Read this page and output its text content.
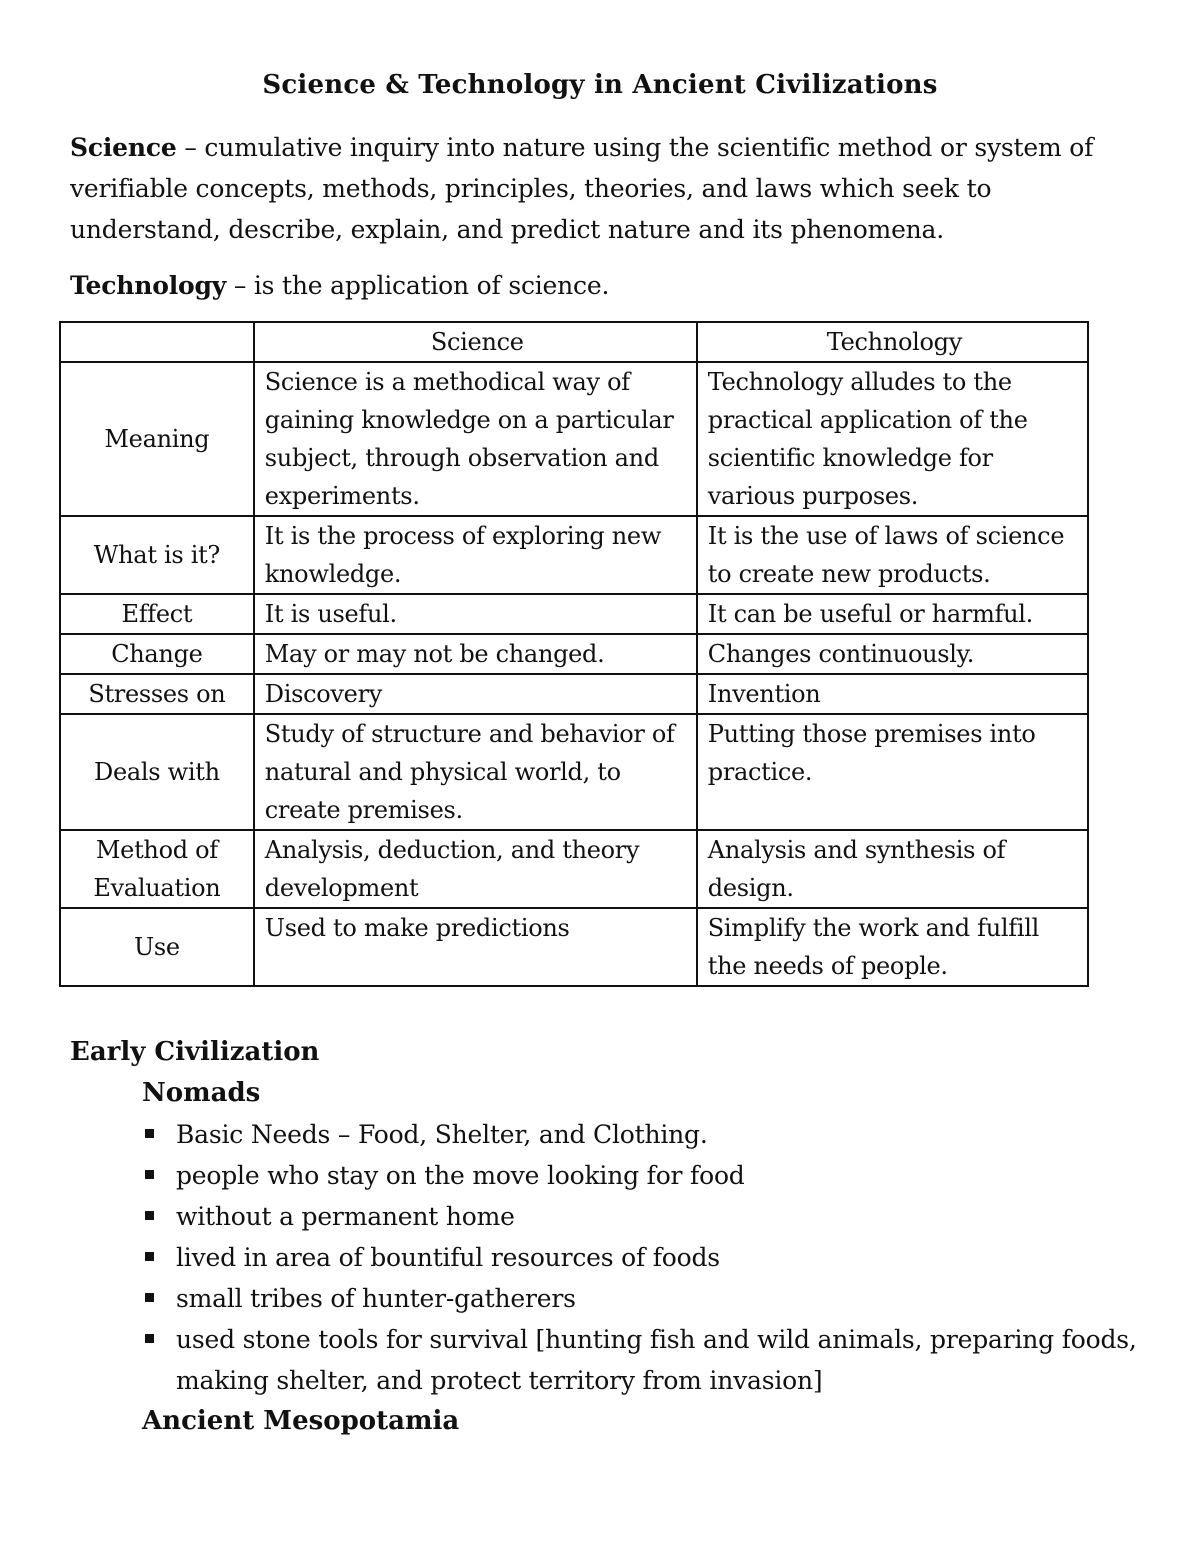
Science & Technology in Ancient Civilizations
Science – cumulative inquiry into nature using the scientific method or system of verifiable concepts, methods, principles, theories, and laws which seek to understand, describe, explain, and predict nature and its phenomena.
Technology – is the application of science.
	Science	Technology
Meaning	Science is a methodical way of gaining knowledge on a particular subject, through observation and experiments.	Technology alludes to the practical application of the scientific knowledge for various purposes.
What is it?	It is the process of exploring new knowledge.	It is the use of laws of science to create new products.
Effect	It is useful.	It can be useful or harmful.
Change	May or may not be changed.	Changes continuously.
Stresses on	Discovery	Invention
Deals with	Study of structure and behavior of natural and physical world, to create premises.	Putting those premises into practice.
Method of Evaluation	Analysis, deduction, and theory development	Analysis and synthesis of design.
Use	Used to make predictions	Simplify the work and fulfill the needs of people.
Early Civilization
Nomads
Basic Needs – Food, Shelter, and Clothing.
people who stay on the move looking for food
without a permanent home
lived in area of bountiful resources of foods
small tribes of hunter-gatherers
used stone tools for survival [hunting fish and wild animals, preparing foods, making shelter, and protect territory from invasion]
Ancient Mesopotamia
